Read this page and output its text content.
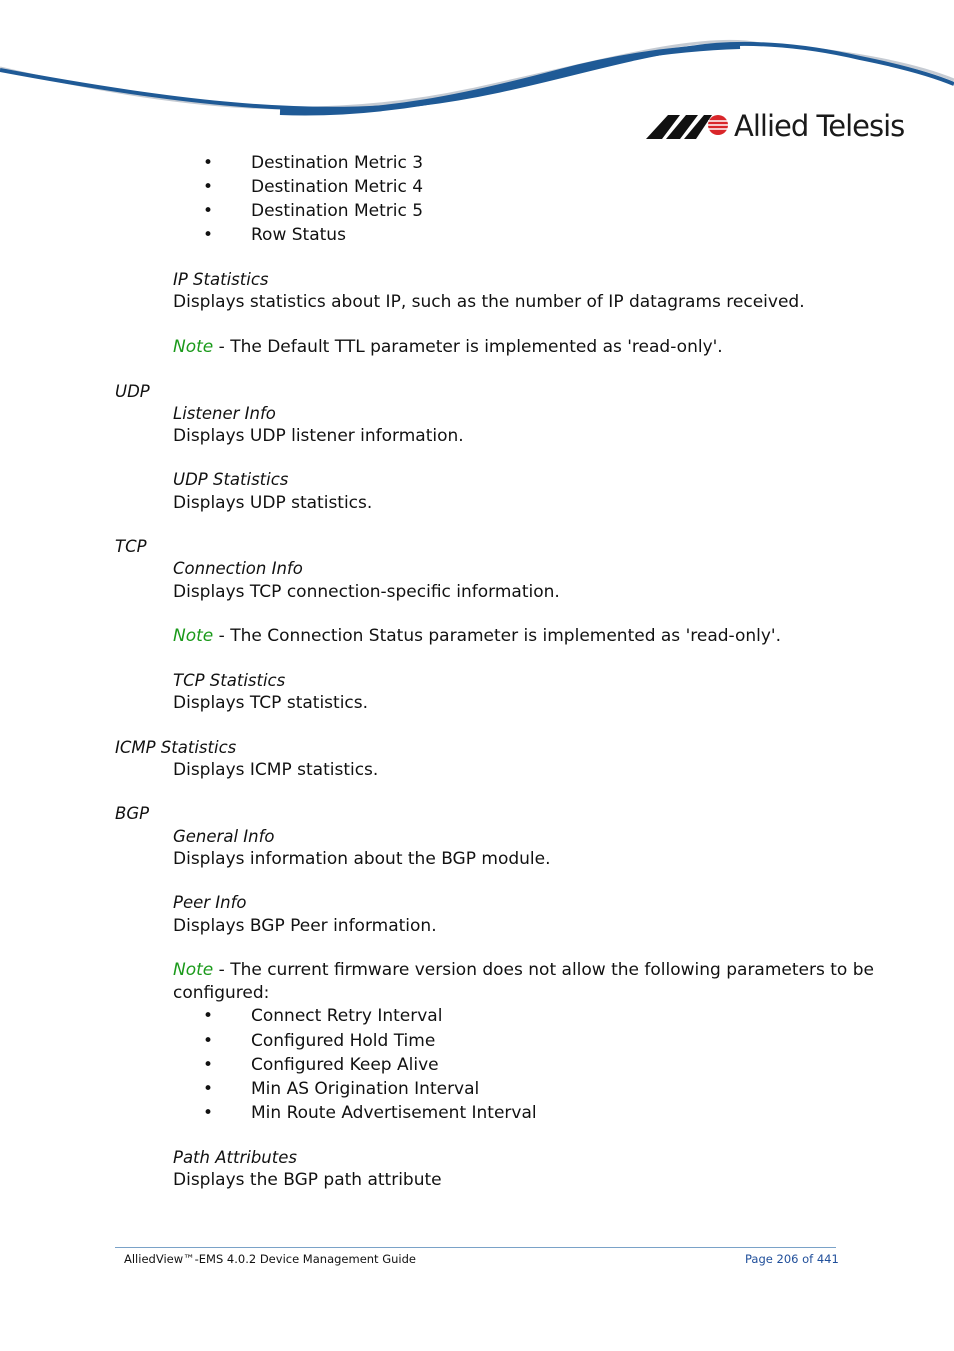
Allied Telesis
• Destination Metric 3
• Destination Metric 4
• Destination Metric 5
• Row Status
IP Statistics
Displays statistics about IP, such as the number of IP datagrams received.
Note - The Default TTL parameter is implemented as 'read-only'.
UDP
Listener Info
Displays UDP listener information.
UDP Statistics
Displays UDP statistics.
TCP
Connection Info
Displays TCP connection-specific information.
Note - The Connection Status parameter is implemented as 'read-only'.
TCP Statistics
Displays TCP statistics.
ICMP Statistics
Displays ICMP statistics.
BGP
General Info
Displays information about the BGP module.
Peer Info
Displays BGP Peer information.
Note - The current firmware version does not allow the following parameters to be
configured:
• Connect Retry Interval
• Configured Hold Time
• Configured Keep Alive
• Min AS Origination Interval
• Min Route Advertisement Interval
Path Attributes
Displays the BGP path attribute
AlliedView™-EMS 4.0.2 Device Management Guide	Page 206 of 441
